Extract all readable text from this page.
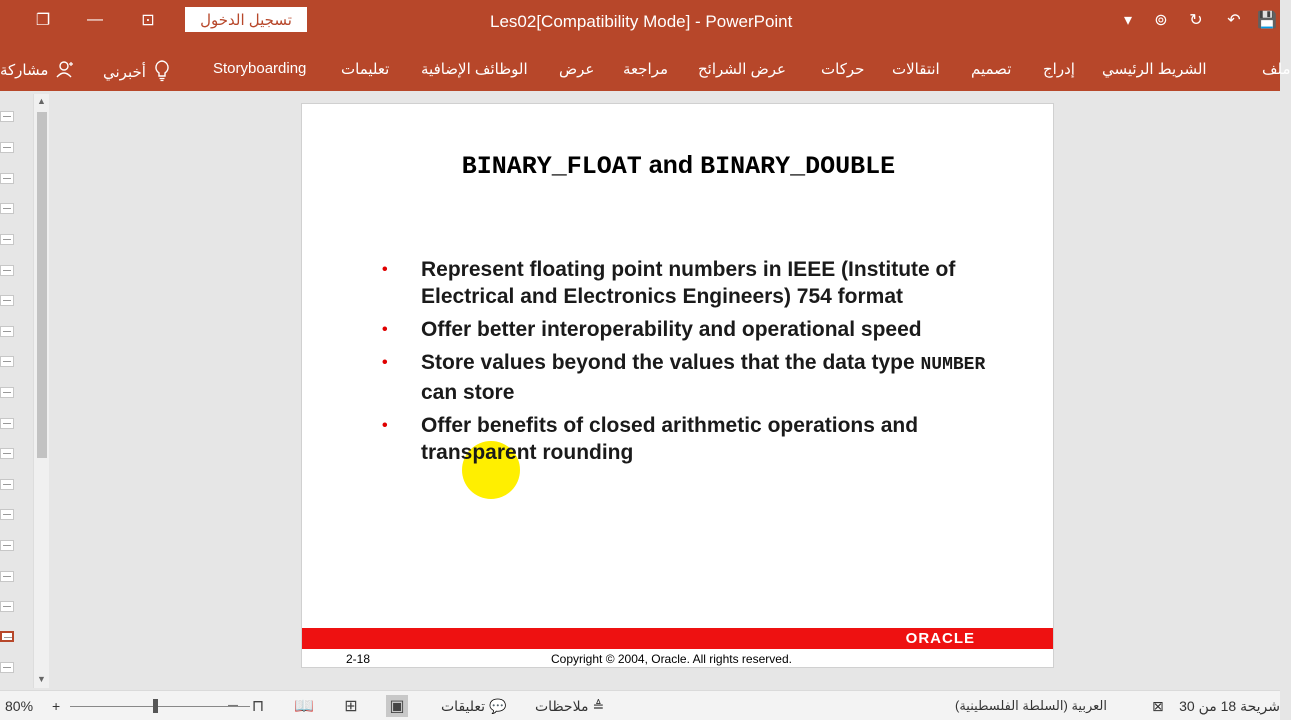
❐	—	⊡	تسجيل الدخول	Les02[Compatibility Mode] - PowerPoint	▾ ⊚ ↻	↶	💾
مشاركة	أخبرني	Storyboarding تعليمات الوظائف الإضافية عرض مراجعة عرض الشرائح حركات انتقالات تصميم إدراج الشريط الرئيسي	ملف
▲
▼
BINARY_FLOAT and BINARY_DOUBLE
• Represent floating point numbers in IEEE (Institute of Electrical and Electronics Engineers) 754 format
• Offer better interoperability and operational speed
• Store values beyond the values that the data type NUMBER can store
• Offer benefits of closed arithmetic operations and transparent rounding
ORACLE
2-18	Copyright © 2004, Oracle. All rights reserved.
80% +	— ⊓ 📖 ⊞ ▣	تعليقات 💬 ملاحظات ≜	العربية (السلطة الفلسطينية)	⊠ شريحة 18 من 30
